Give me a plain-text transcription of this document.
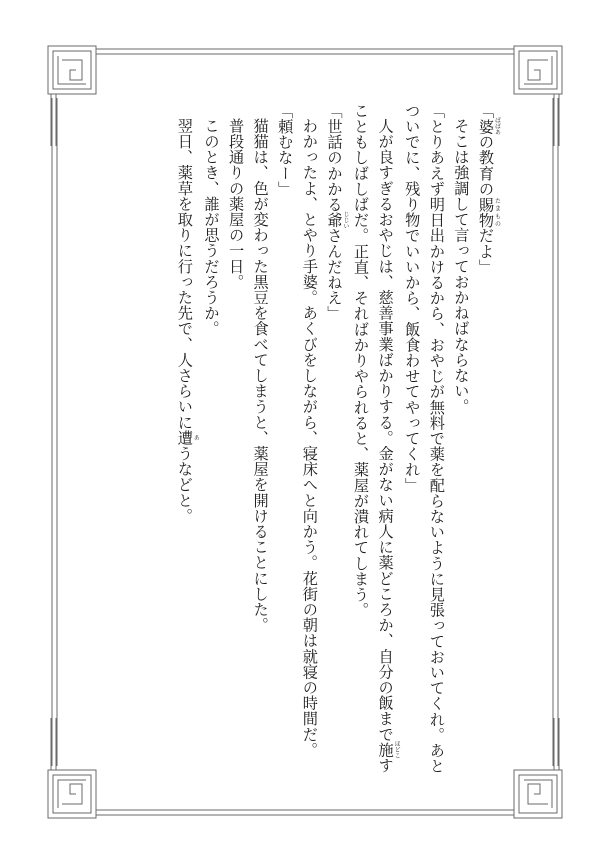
「婆ばばあの教育の賜物たまものだよ」
そこは強調して言っておかねばならない。
「とりあえず明日出かけるから、おやじが無料で薬を配らないように見張っておいてくれ。あと
ついでに、残り物でいいから、飯食わせてやってくれ」
人が良すぎるおやじは、慈善事業ばかりする。金がない病人に薬どころか、自分の飯まで施ほどこす
こともしばしばだ。正直、そればかりやられると、薬屋が潰れてしまう。
「世話のかかる爺じじいさんだねえ」
わかったよ、とやり手婆。あくびをしながら、寝床へと向かう。花街の朝は就寝の時間だ。
「頼むなー」
猫猫は、色が変わった黒豆を食べてしまうと、薬屋を開けることにした。
普段通りの薬屋の一日。
このとき、誰が思うだろうか。
翌日、薬草を取りに行った先で、人さらいに遭あうなどと。
